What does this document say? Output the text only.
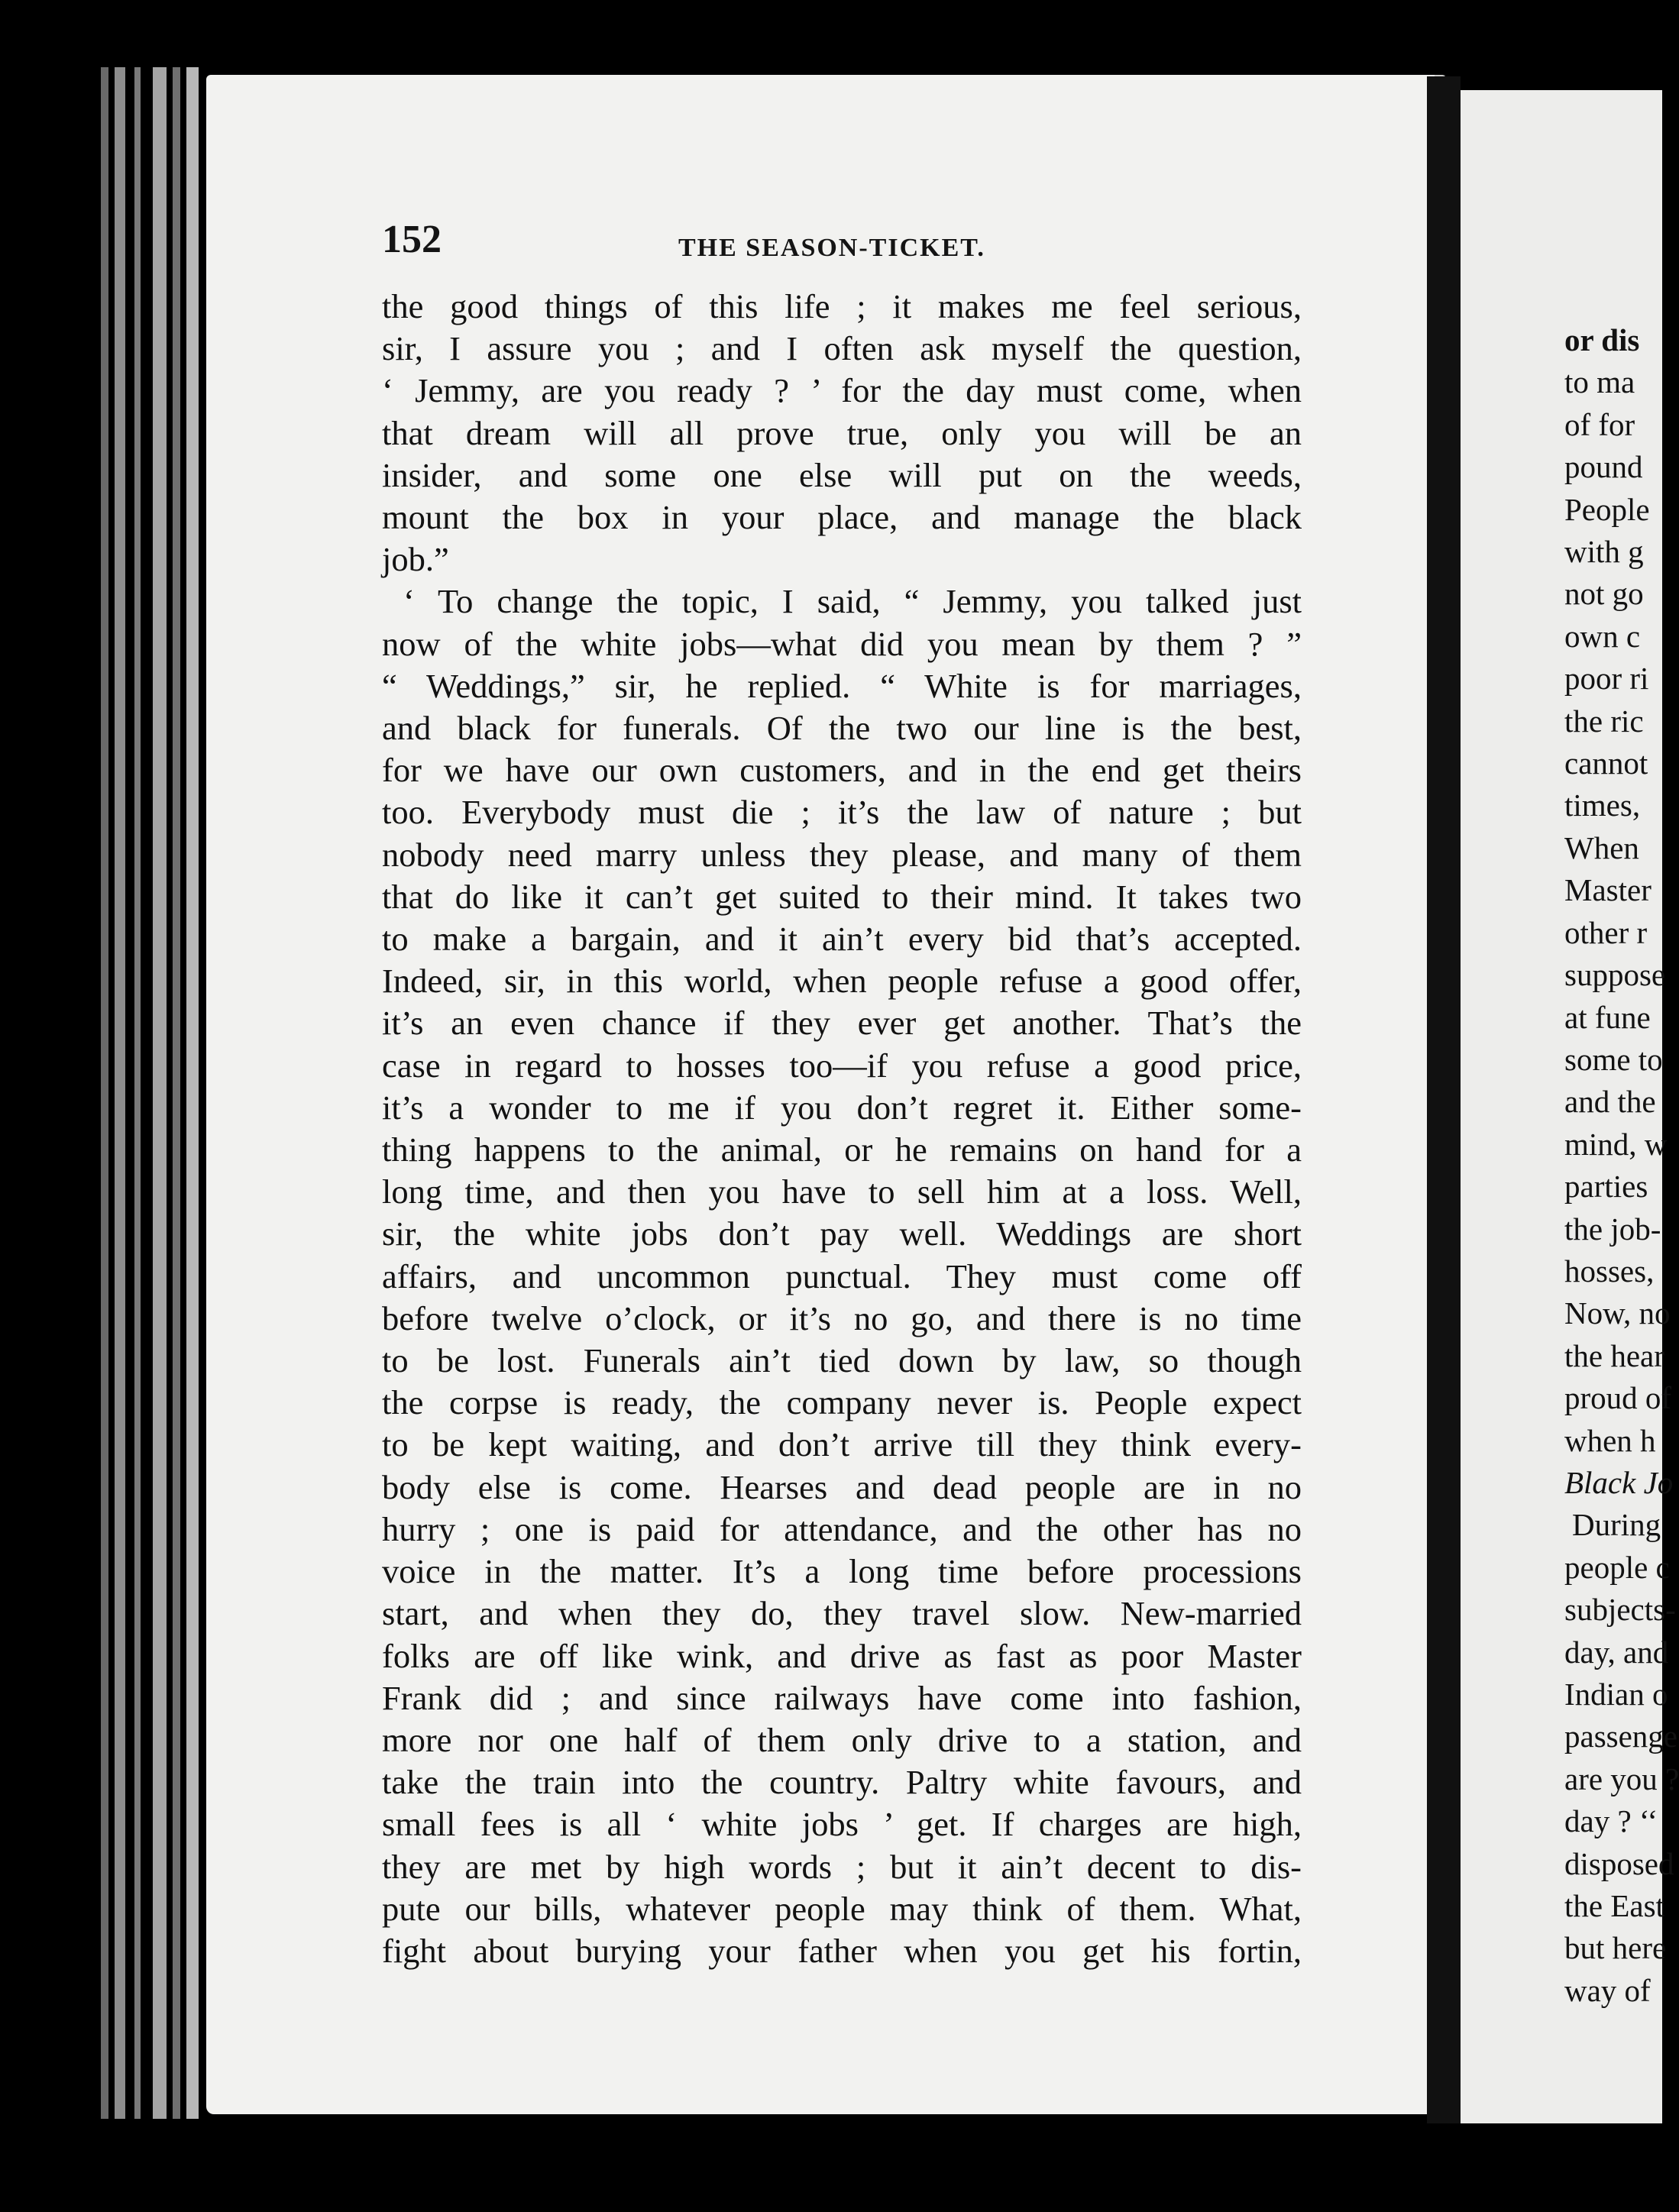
152	THE SEASON-TICKET.
the good things of this life ; it makes me feel serious,
sir, I assure you ; and I often ask myself the question,
‘ Jemmy, are you ready ? ’ for the day must come, when
that dream will all prove true, only you will be an
insider, and some one else will put on the weeds,
mount the box in your place, and manage the black
job.”
‘ To change the topic, I said, “ Jemmy, you talked just
now of the white jobs—what did you mean by them ? ”
“ Weddings,” sir, he replied. “ White is for marriages,
and black for funerals. Of the two our line is the best,
for we have our own customers, and in the end get theirs
too. Everybody must die ; it’s the law of nature ; but
nobody need marry unless they please, and many of them
that do like it can’t get suited to their mind. It takes two
to make a bargain, and it ain’t every bid that’s accepted.
Indeed, sir, in this world, when people refuse a good offer,
it’s an even chance if they ever get another. That’s the
case in regard to hosses too—if you refuse a good price,
it’s a wonder to me if you don’t regret it. Either some-
thing happens to the animal, or he remains on hand for a
long time, and then you have to sell him at a loss. Well,
sir, the white jobs don’t pay well. Weddings are short
affairs, and uncommon punctual. They must come off
before twelve o’clock, or it’s no go, and there is no time
to be lost. Funerals ain’t tied down by law, so though
the corpse is ready, the company never is. People expect
to be kept waiting, and don’t arrive till they think every-
body else is come. Hearses and dead people are in no
hurry ; one is paid for attendance, and the other has no
voice in the matter. It’s a long time before processions
start, and when they do, they travel slow. New-married
folks are off like wink, and drive as fast as poor Master
Frank did ; and since railways have come into fashion,
more nor one half of them only drive to a station, and
take the train into the country. Paltry white favours, and
small fees is all ‘ white jobs ’ get. If charges are high,
they are met by high words ; but it ain’t decent to dis-
pute our bills, whatever people may think of them. What,
fight about burying your father when you get his fortin,
or dis
to ma
of for
pound
People
with g
not go
own c
poor ri
the ric
cannot
times,
When
Master
other r
suppose
at fune
some to
and the
mind, w
parties
the job-
hosses,
Now, no
the hear
proud of
when h
Black Jo
During
people c
subjects-
day, and
Indian o
passenge
are you ?
day ? ‘‘
disposed
the East
but here
way of
